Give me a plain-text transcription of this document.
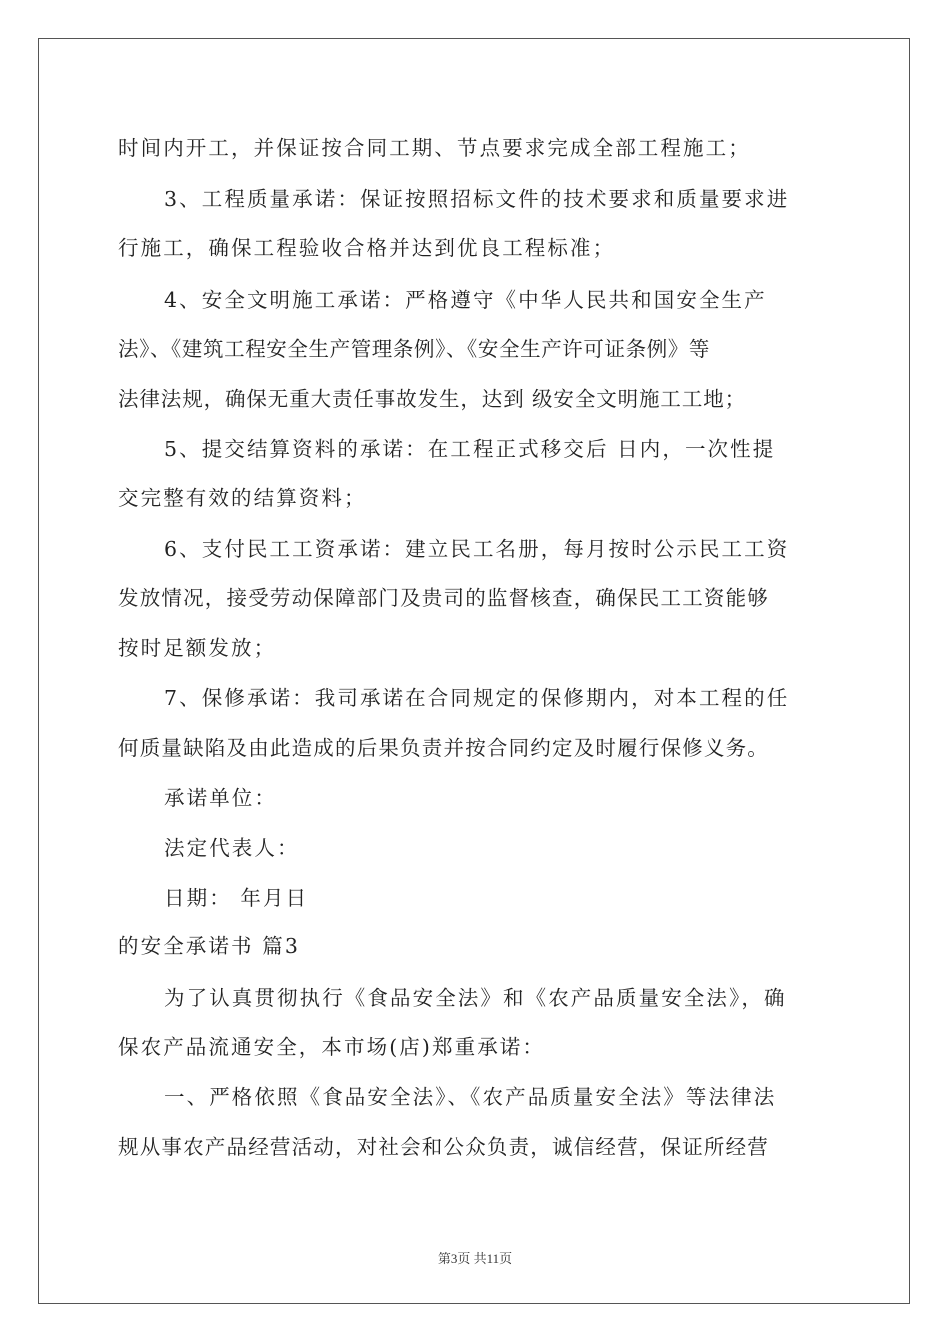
时间内开工，并保证按合同工期、节点要求完成全部工程施工；
3、工程质量承诺：保证按照招标文件的技术要求和质量要求进
行施工，确保工程验收合格并达到优良工程标准；
4、安全文明施工承诺：严格遵守《中华人民共和国安全生产
法》、《建筑工程安全生产管理条例》、《安全生产许可证条例》等
法律法规，确保无重大责任事故发生，达到 级安全文明施工工地；
5、提交结算资料的承诺：在工程正式移交后 日内，一次性提
交完整有效的结算资料；
6、支付民工工资承诺：建立民工名册，每月按时公示民工工资
发放情况，接受劳动保障部门及贵司的监督核查，确保民工工资能够
按时足额发放；
7、保修承诺：我司承诺在合同规定的保修期内，对本工程的任
何质量缺陷及由此造成的后果负责并按合同约定及时履行保修义务。
承诺单位：
法定代表人：
日期： 年月日
的安全承诺书 篇3
为了认真贯彻执行《食品安全法》和《农产品质量安全法》，确
保农产品流通安全，本市场(店)郑重承诺：
一、严格依照《食品安全法》、《农产品质量安全法》等法律法
规从事农产品经营活动，对社会和公众负责，诚信经营，保证所经营
第3页 共11页
